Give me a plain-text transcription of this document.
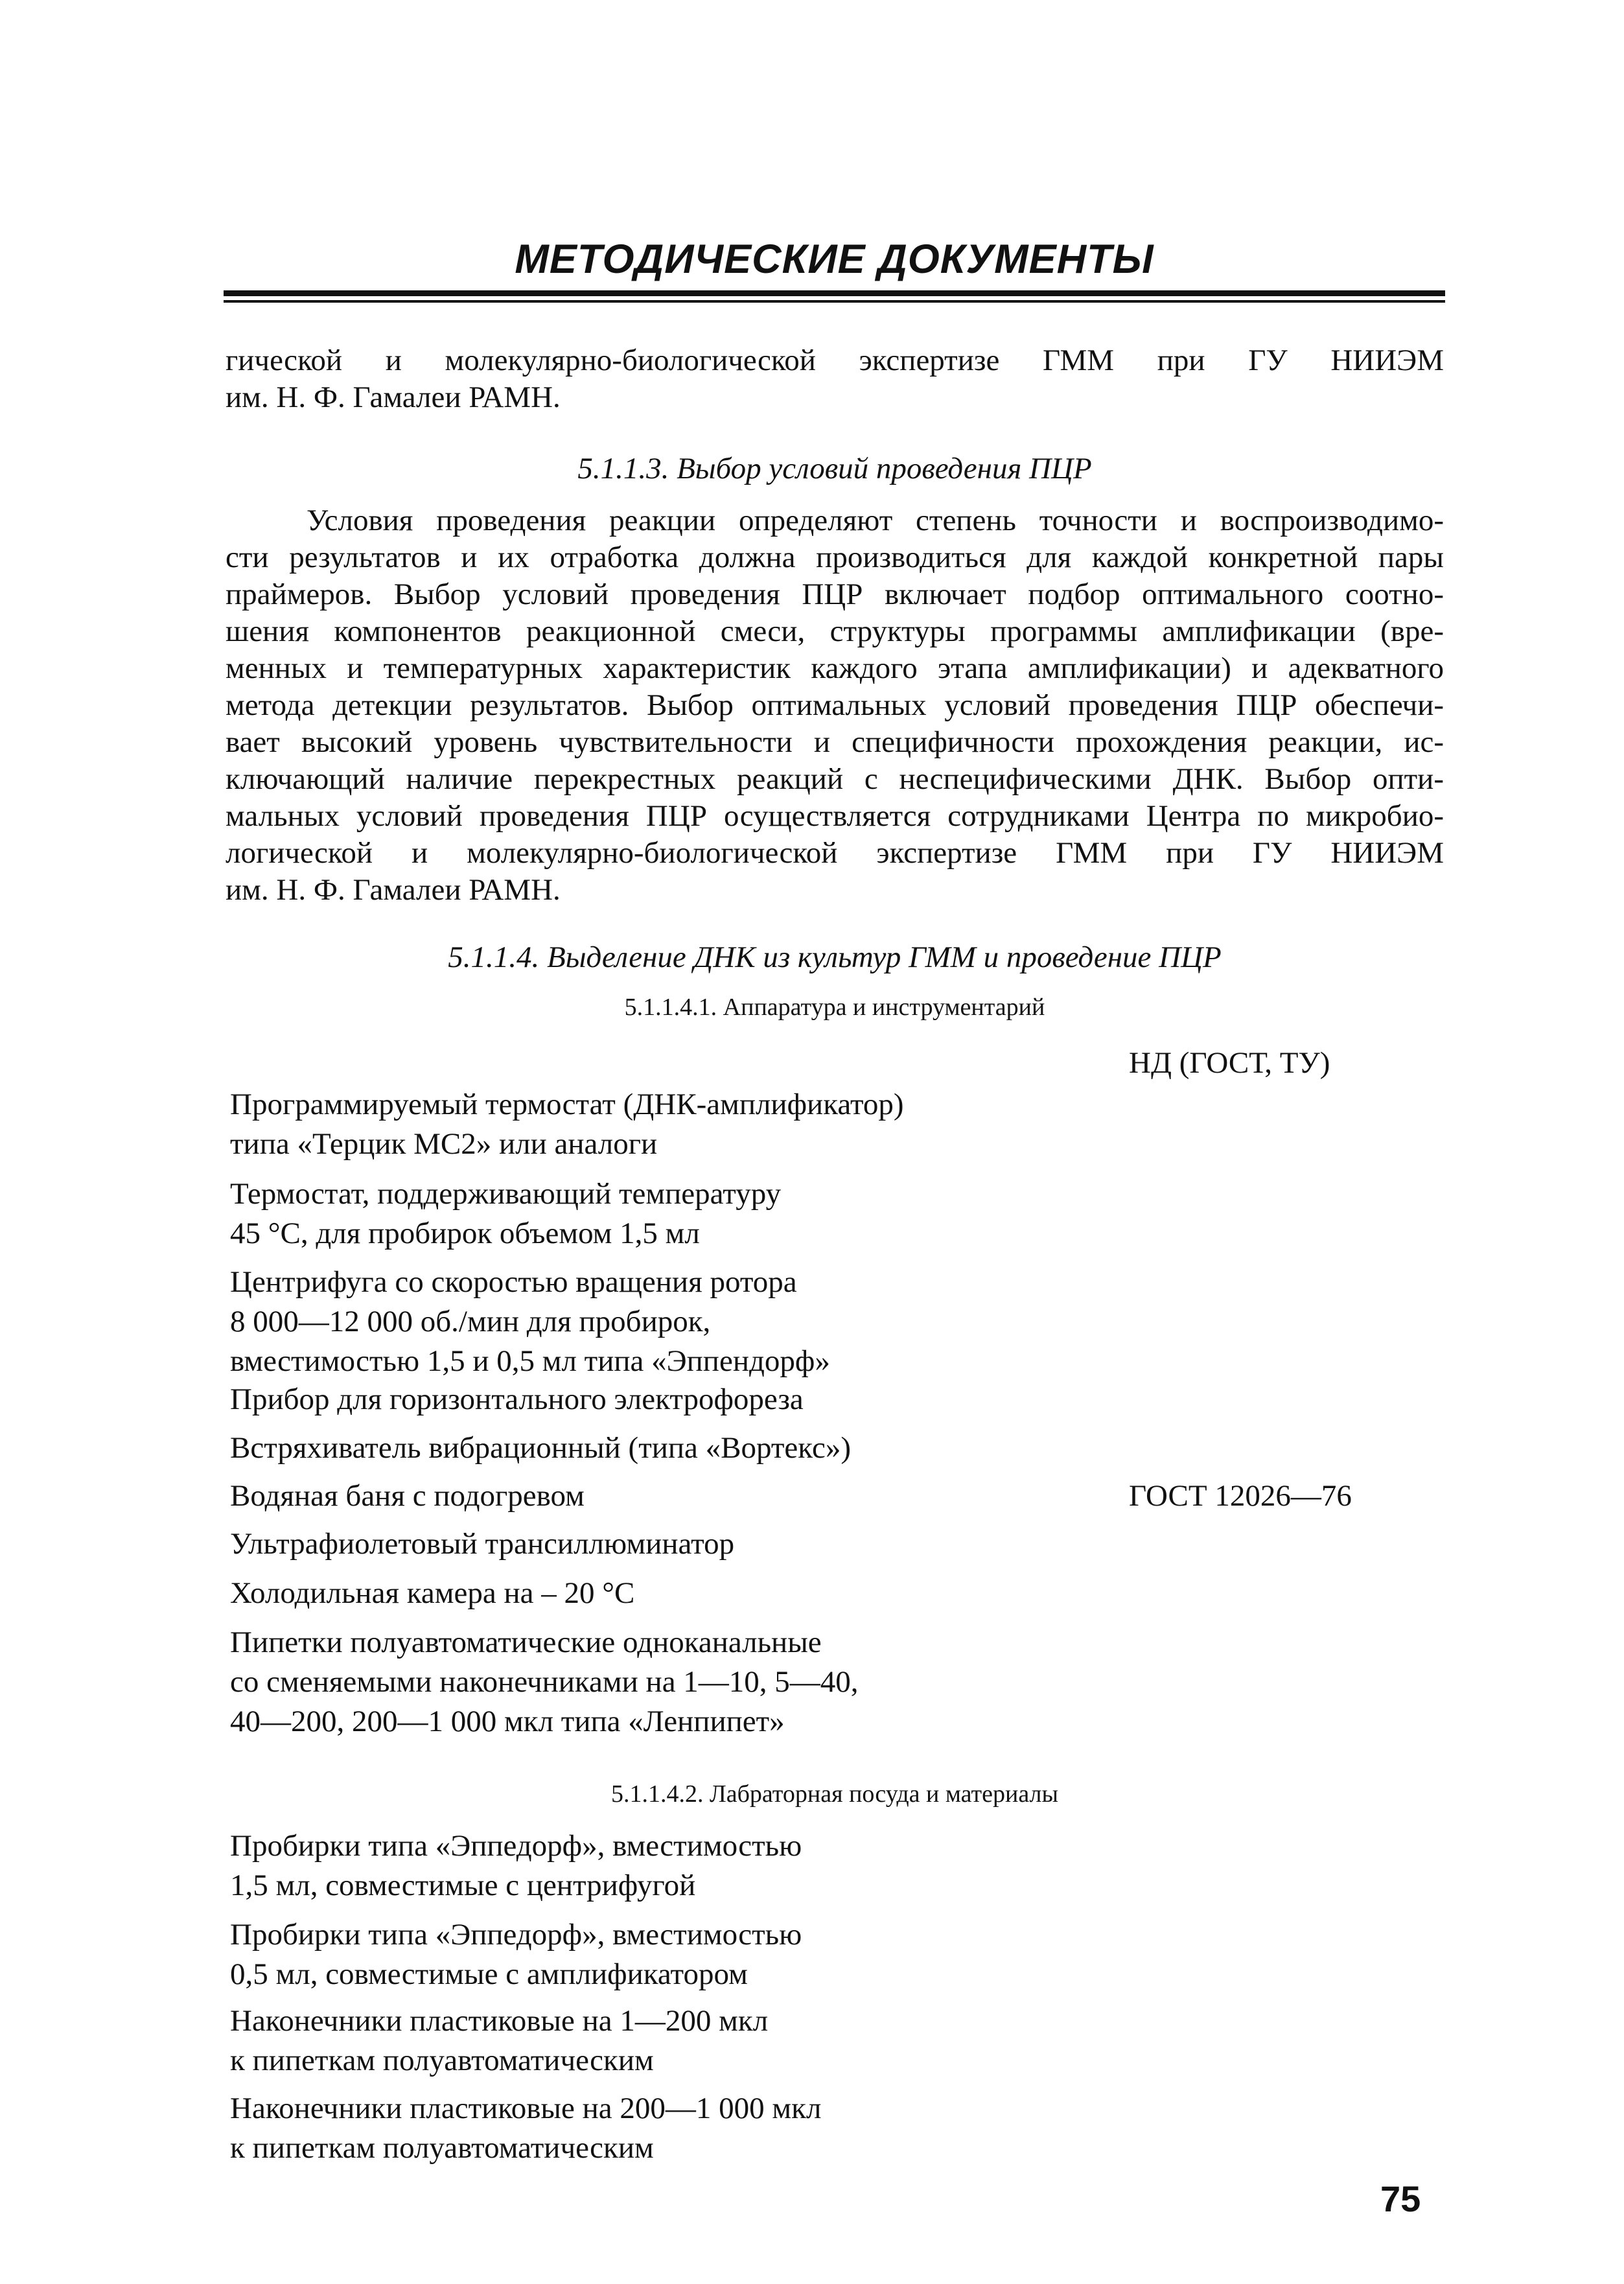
МЕТОДИЧЕСКИЕ ДОКУМЕНТЫ
гической и молекулярно-биологической экспертизе ГММ при ГУ НИИЭМ
им. Н. Ф. Гамалеи РАМН.
5.1.1.3. Выбор условий проведения ПЦР
Условия проведения реакции определяют степень точности и воспроизводимо-
сти результатов и их отработка должна производиться для каждой конкретной пары
праймеров. Выбор условий проведения ПЦР включает подбор оптимального соотно-
шения компонентов реакционной смеси, структуры программы амплификации (вре-
менных и температурных характеристик каждого этапа амплификации) и адекватного
метода детекции результатов. Выбор оптимальных условий проведения ПЦР обеспечи-
вает высокий уровень чувствительности и специфичности прохождения реакции, ис-
ключающий наличие перекрестных реакций с неспецифическими ДНК. Выбор опти-
мальных условий проведения ПЦР осуществляется сотрудниками Центра по микробио-
логической и молекулярно-биологической экспертизе ГММ при ГУ НИИЭМ
им. Н. Ф. Гамалеи РАМН.
5.1.1.4. Выделение ДНК из культур ГММ и проведение ПЦР
5.1.1.4.1. Аппаратура и инструментарий
НД (ГОСТ, ТУ)
Программируемый термостат (ДНК-амплификатор)
типа «Терцик МС2» или аналоги
Термостат, поддерживающий температуру
45 °С, для пробирок объемом 1,5 мл
Центрифуга со скоростью вращения ротора
8 000—12 000 об./мин для пробирок,
вместимостью 1,5 и 0,5 мл типа «Эппендорф»
Прибор для горизонтального электрофореза
Встряхиватель вибрационный (типа «Вортекс»)
Водяная баня с подогревом	ГОСТ 12026—76
Ультрафиолетовый трансиллюминатор
Холодильная камера на – 20 °С
Пипетки полуавтоматические одноканальные
со сменяемыми наконечниками на 1—10, 5—40,
40—200, 200—1 000 мкл типа «Ленпипет»
5.1.1.4.2. Лабраторная посуда и материалы
Пробирки типа «Эппедорф», вместимостью
1,5 мл, совместимые с центрифугой
Пробирки типа «Эппедорф», вместимостью
0,5 мл, совместимые с амплификатором
Наконечники пластиковые на 1—200 мкл
к пипеткам полуавтоматическим
Наконечники пластиковые на 200—1 000 мкл
к пипеткам полуавтоматическим
75
